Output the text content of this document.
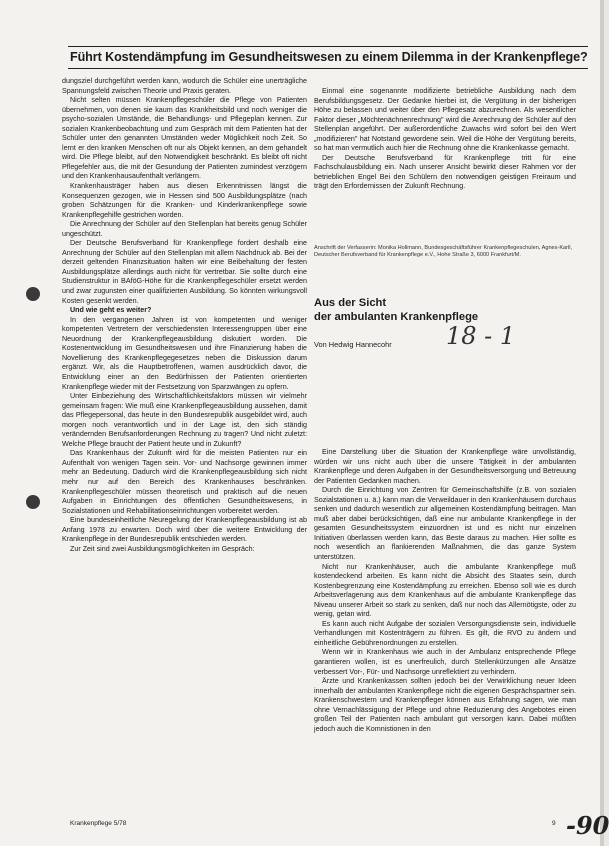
Führt Kostendämpfung im Gesundheitswesen zu einem Dilemma in der Krankenpflege?

dungsziel durchgeführt werden kann, wodurch die Schüler eine unerträgliche Spannungsfeld zwischen Theorie und Praxis geraten.

Nicht selten müssen Krankenpflegeschüler die Pflege von Patienten übernehmen, von denen sie kaum das Krankheitsbild und noch weniger die psycho-sozialen Umstände, die Behandlungs- und Pflegeplan kennen. Zur sozialen Krankenbeobachtung und zum Gespräch mit dem Patienten hat der Schüler unter den genannten Umständen weder Möglichkeit noch Zeit. So lernt er den kranken Menschen oft nur als Objekt kennen, an dem gehandelt wird. Die Pflege bleibt, auf den Notwendigkeit beschränkt. Es bleibt oft nicht Pflegefehler aus, die mit der Gesundung der Patienten zumindest verzögern und den Krankenhausaufenthalt verlängern.

Krankenhausträger haben aus diesen Erkenntnissen längst die Konsequenzen gezogen, wie in Hessen sind 500 Ausbildungsplätze (nach groben Schätzungen für die Kranken- und Kinderkrankenpflege sowie Krankenpflegehilfe gestrichen worden.

Die Anrechnung der Schüler auf den Stellenplan hat bereits genug Schüler ungeschützt.

Der Deutsche Berufsverband für Krankenpflege fordert deshalb eine Anrechnung der Schüler auf den Stellenplan mit allem Nachdruck ab. Bei der derzeit geltenden Finanzsituation halten wir eine Beibehaltung der festen Ausbildungsplätze allerdings auch nicht für vertretbar. Sie sollte durch eine Studienstruktur in BAföG-Höhe für die Krankenpflegeschüler ersetzt werden und zwar zugunsten einer qualifizierten Ausbildung. So könnten wirkungsvoll Kosten gesenkt werden.

Und wie geht es weiter?

In den vergangenen Jahren ist von kompetenten und weniger kompetenten Vertretern der verschiedensten Interessengruppen über eine Neuordnung der Krankenpflegeausbildung diskutiert worden. Die Kostenentwicklung im Gesundheitswesen und ihre Finanzierung haben die Novellierung des Krankenpflegegesetzes neben die Diskussion darum ergänzt. Wir, als die Hauptbetroffenen, warnen ausdrücklich davor, die Entwicklung einer an den Bedürfnissen der Patienten orientierten Krankenpflege wieder mit der Festsetzung von Sparzwängen zu opfern.

Unter Einbeziehung des Wirtschaftlichkeitsfaktors müssen wir vielmehr gemeinsam fragen: Wie muß eine Krankenpflegeausbildung aussehen, damit das Pflegepersonal, das heute in den Bundesrepublik ausgebildet wird, auch morgen noch verantwortlich und in der Lage ist, den sich ständig verändernden Berufsanforderungen Rechnung zu tragen? Und nicht zuletzt: Welche Pflege braucht der Patient heute und in Zukunft?

Das Krankenhaus der Zukunft wird für die meisten Patienten nur ein Aufenthalt von wenigen Tagen sein. Vor- und Nachsorge gewinnen immer mehr an Bedeutung. Dadurch wird die Krankenpflegeausbildung sich nicht mehr nur auf den Bereich des Krankenhauses beschränken. Krankenpflegeschüler müssen theoretisch und praktisch auf die neuen Aufgaben in Einrichtungen des öffentlichen Gesundheitswesens, in Sozialstationen und Rehabilitationseinrichtungen vorbereitet werden.

Eine bundeseinheitliche Neuregelung der Krankenpflegeausbildung ist ab Anfang 1978 zu erwarten. Doch wird über die weitere Entwicklung der Krankenpflege in der Bundesrepublik entschieden werden.

Zur Zeit sind zwei Ausbildungsmöglichkeiten im Gespräch:

Einmal eine sogenannte modifizierte betriebliche Ausbildung nach dem Berufsbildungsgesetz. Der Gedanke hierbei ist, die Vergütung in der bisherigen Höhe zu belassen und weiter über den Pflegesatz abzurechnen. Als wesentlicher Faktor dieser „Möchtenächnenrechnung" wird die Anrechnung der Schüler auf den Stellenplan angeführt. Der außerordentliche Zuwachs wird sofort bei den Wert „modifizieren" hat Notstand gewordene sein. Weil die Höhe der Vergütung bereits, so hat man vermutlich auch hier die Rechnung ohne die Krankenkasse gemacht.

Der Deutsche Berufsverband für Krankenpflege tritt für eine Fachschulausbildung ein. Nach unserer Ansicht bewirkt dieser Rahmen vor der betrieblichen Engel Bei den Schülern den notwendigen geistigen Freiraum und trägt den Erfordernissen der Zukunft Rechnung.

Anschrift der Verfasserin: Monika Hollmann, Bundesgeschäftsführer Krankenpflegeschulen, Agnes-Karll, Deutscher Berufsverband für Krankenpflege e.V., Hohe Straße 3, 6000 Frankfurt/M.
Aus der Sicht
der ambulanten Krankenpflege
Von Hedwig Hannecohr 18 - 1

Eine Darstellung über die Situation der Krankenpflege wäre unvollständig, würden wir uns nicht auch über die unsere Tätigkeit in der ambulanten Krankenpflege und deren Aufgaben in der Gesundheitsversorgung und Betreuung der Patienten Gedanken machen.

Durch die Einrichtung von Zentren für Gemeinschaftshilfe (z.B. von sozialen Sozialstationen u. ä.) kann man die Verweildauer in den Krankenhäusern durchaus senken und dadurch wesentlich zur allgemeinen Kostendämpfung beitragen. Man muß aber dabei berücksichtigen, daß eine nur ambulante Krankenpflege in der gesamten Gesundheitssystem einzuordnen ist und es nicht nur einzelnen Initiativen überlassen werden kann, das Beste daraus zu machen. Hier sollte es noch wesentlich an flankierenden Maßnahmen, die das ganze System unterstützen.

Nicht nur Krankenhäuser, auch die ambulante Krankenpflege muß kostendeckend arbeiten. Es kann nicht die Absicht des Staates sein, durch Kostenbegrenzung eine Kostendämpfung zu erreichen. Ebenso soll wie es durch Arbeitsverlagerung aus dem Krankenhaus auf die ambulante Krankenpflege das Niveau unserer Arbeit so stark zu senken, daß nur noch das Allernötigste, oder zu wenig, getan wird.

Es kann auch nicht Aufgabe der sozialen Versorgungsdienste sein, individuelle Verhandlungen mit Kostenträgern zu führen. Es gilt, die RVO zu ändern und einheitliche Gebührenordnungen zu erstellen.

Wenn wir in Krankenhaus wie auch in der Ambulanz entsprechende Pflege garantieren wollen, ist es unerfreulich, durch Stellenkürzungen alle Ansätze verbessert Vor-, Für- und Nachsorge unreflektiert zu verhindern.

Ärzte und Krankenkassen sollten jedoch bei der Verwirklichung neuer Ideen innerhalb der ambulanten Krankenpflege nicht die eigenen Gesprächspartner sein. Krankenschwestern und Krankenpfleger können aus Erfahrung sagen, wie man ohne Vernachlässigung der Pflege und ohne Reduzierung des Angebotes einen großen Teil der Patienten nach ambulant gut versorgen kann. Dabei müßten jedoch auch die Komnistionen in den

Krankenpflege 5/78	9 -90
